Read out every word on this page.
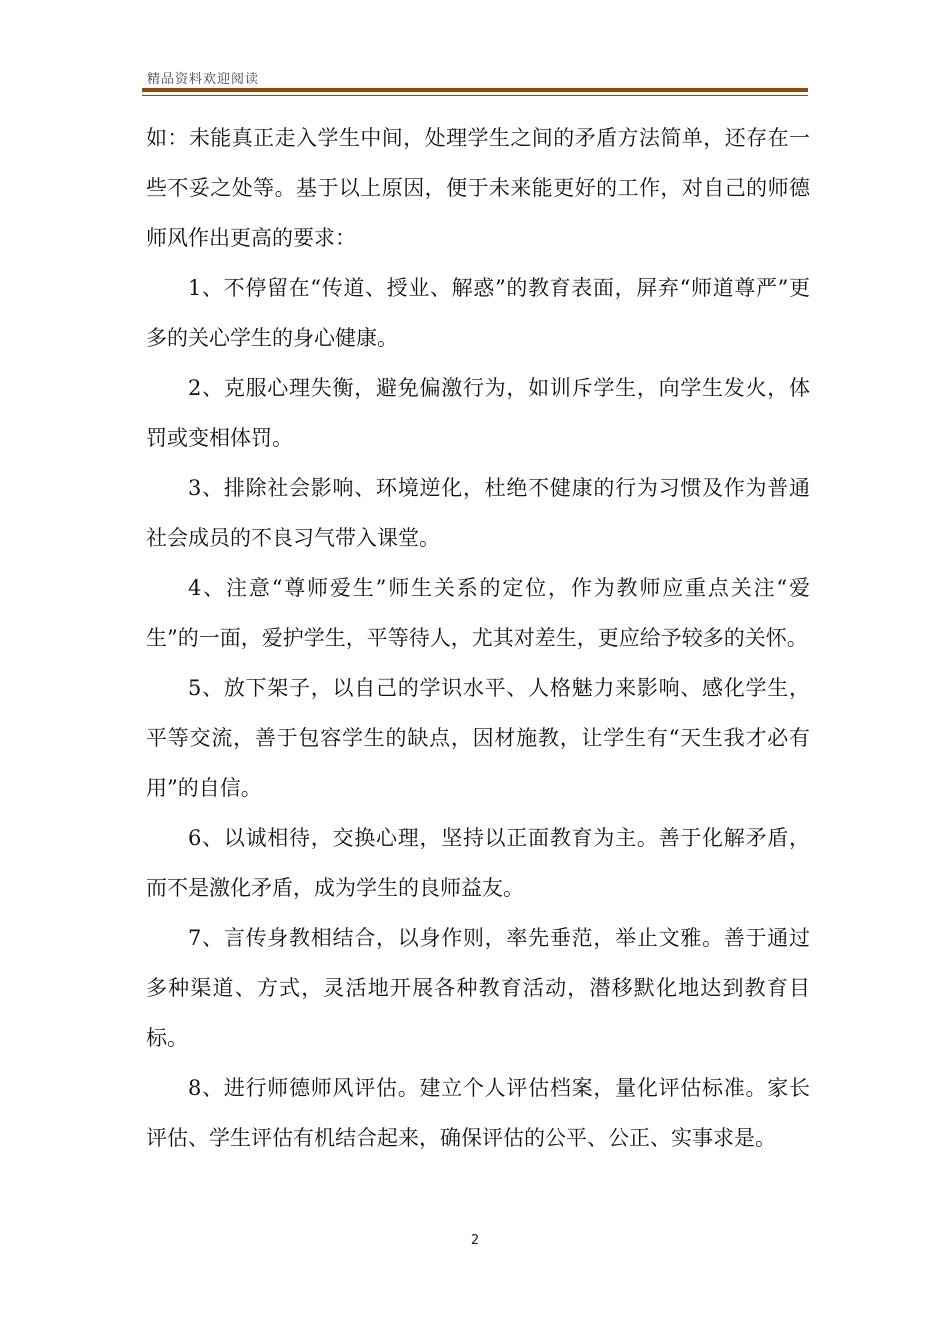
精品资料欢迎阅读

如：未能真正走入学生中间，处理学生之间的矛盾方法简单，还存在一些不妥之处等。基于以上原因，便于未来能更好的工作，对自己的师德师风作出更高的要求：

1、不停留在“传道、授业、解惑”的教育表面，屏弃“师道尊严”更多的关心学生的身心健康。

2、克服心理失衡，避免偏激行为，如训斥学生，向学生发火，体罚或变相体罚。

3、排除社会影响、环境逆化，杜绝不健康的行为习惯及作为普通社会成员的不良习气带入课堂。

4、注意“尊师爱生”师生关系的定位，作为教师应重点关注“爱生”的一面，爱护学生，平等待人，尤其对差生，更应给予较多的关怀。

5、放下架子，以自己的学识水平、人格魅力来影响、感化学生，平等交流，善于包容学生的缺点，因材施教，让学生有“天生我才必有用”的自信。

6、以诚相待，交换心理，坚持以正面教育为主。善于化解矛盾，而不是激化矛盾，成为学生的良师益友。

7、言传身教相结合，以身作则，率先垂范，举止文雅。善于通过多种渠道、方式，灵活地开展各种教育活动，潜移默化地达到教育目标。

8、进行师德师风评估。建立个人评估档案，量化评估标准。家长评估、学生评估有机结合起来，确保评估的公平、公正、实事求是。

2
